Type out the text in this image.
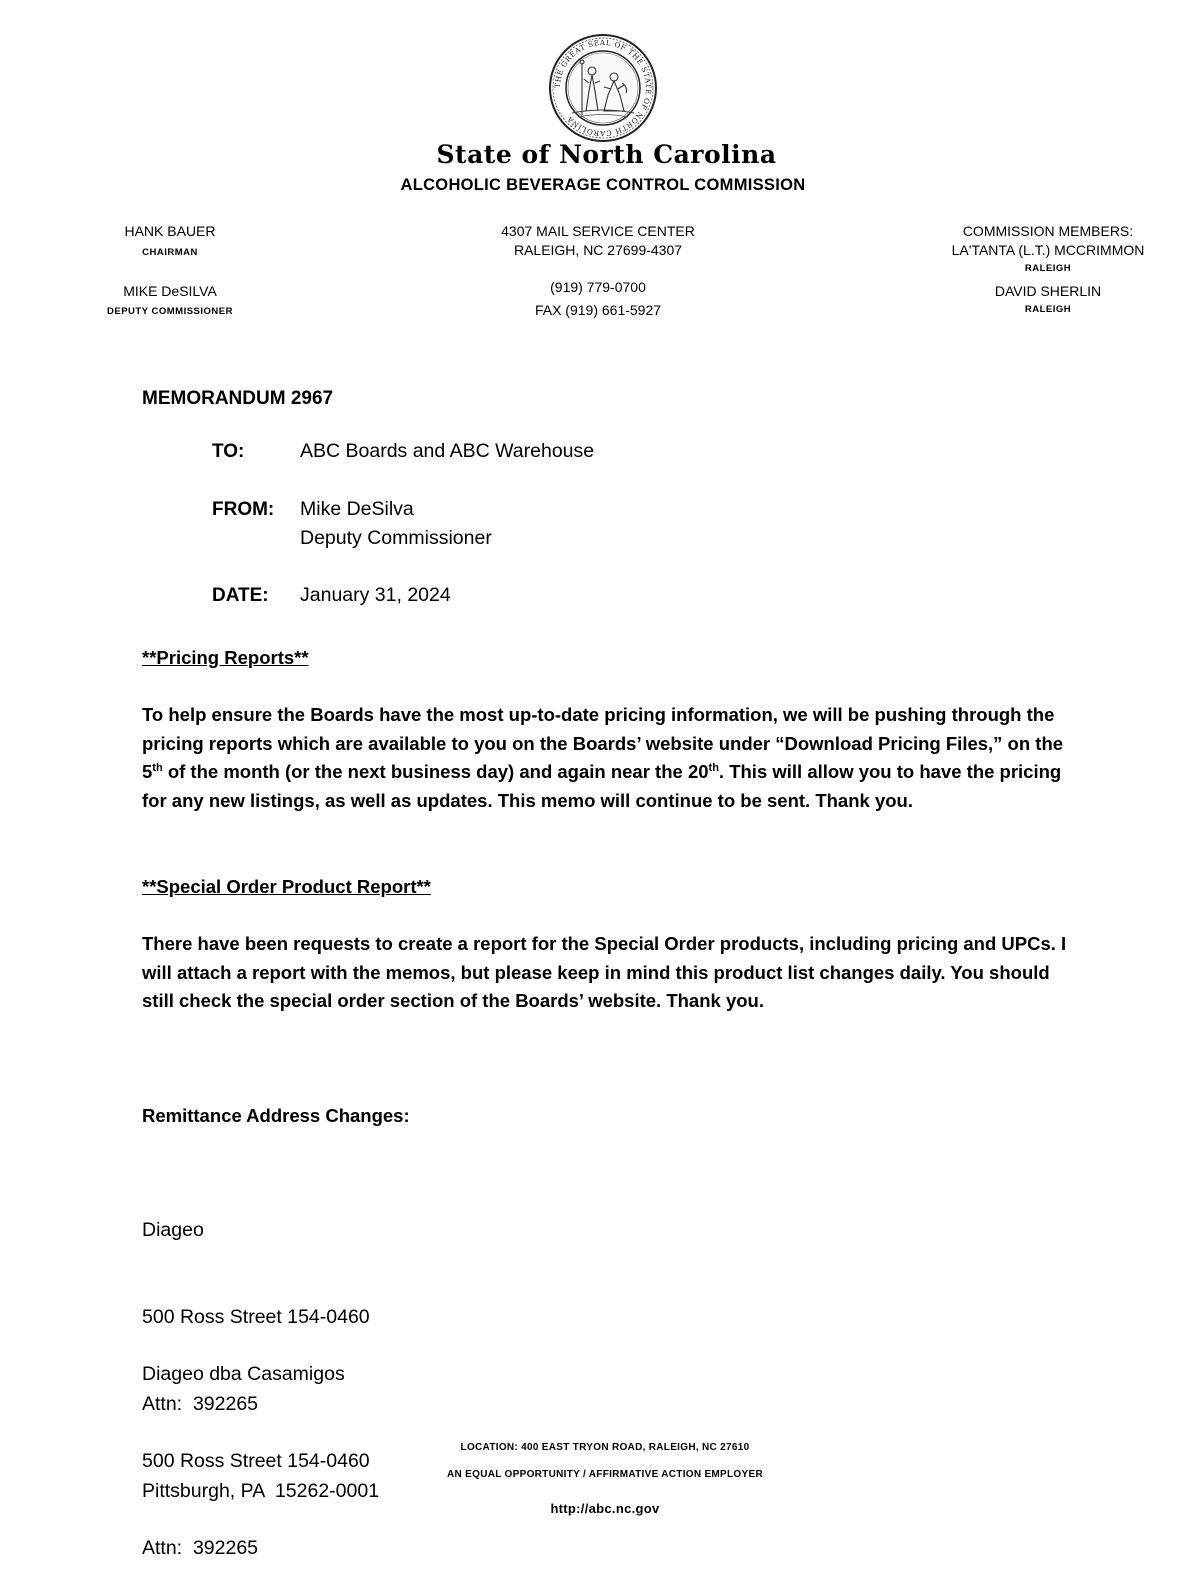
THE GREAT SEAL OF THE STATE OF NORTH CAROLINA
State of North Carolina
ALCOHOLIC BEVERAGE CONTROL COMMISSION
HANK BAUER
CHAIRMAN
MIKE DeSILVA
DEPUTY COMMISSIONER
4307 MAIL SERVICE CENTER
RALEIGH, NC 27699-4307
(919) 779-0700
FAX (919) 661-5927
COMMISSION MEMBERS:
LA'TANTA (L.T.) MCCRIMMON
RALEIGH
DAVID SHERLIN
RALEIGH
MEMORANDUM 2967
TO:	ABC Boards and ABC Warehouse
FROM: Mike DeSilva
Deputy Commissioner
DATE: January 31, 2024
**Pricing Reports**
To help ensure the Boards have the most up-to-date pricing information, we will be pushing through the pricing reports which are available to you on the Boards’ website under “Download Pricing Files,” on the 5th of the month (or the next business day) and again near the 20th. This will allow you to have the pricing for any new listings, as well as updates. This memo will continue to be sent. Thank you.
**Special Order Product Report**
There have been requests to create a report for the Special Order products, including pricing and UPCs. I will attach a report with the memos, but please keep in mind this product list changes daily. You should still check the special order section of the Boards’ website. Thank you.
Remittance Address Changes:

Diageo

500 Ross Street 154-0460

Attn:  392265

Pittsburgh, PA  15262-0001

Diageo dba Casamigos

500 Ross Street 154-0460

Attn:  392265

LOCATION: 400 EAST TRYON ROAD, RALEIGH, NC 27610
AN EQUAL OPPORTUNITY / AFFIRMATIVE ACTION EMPLOYER
http://abc.nc.gov
